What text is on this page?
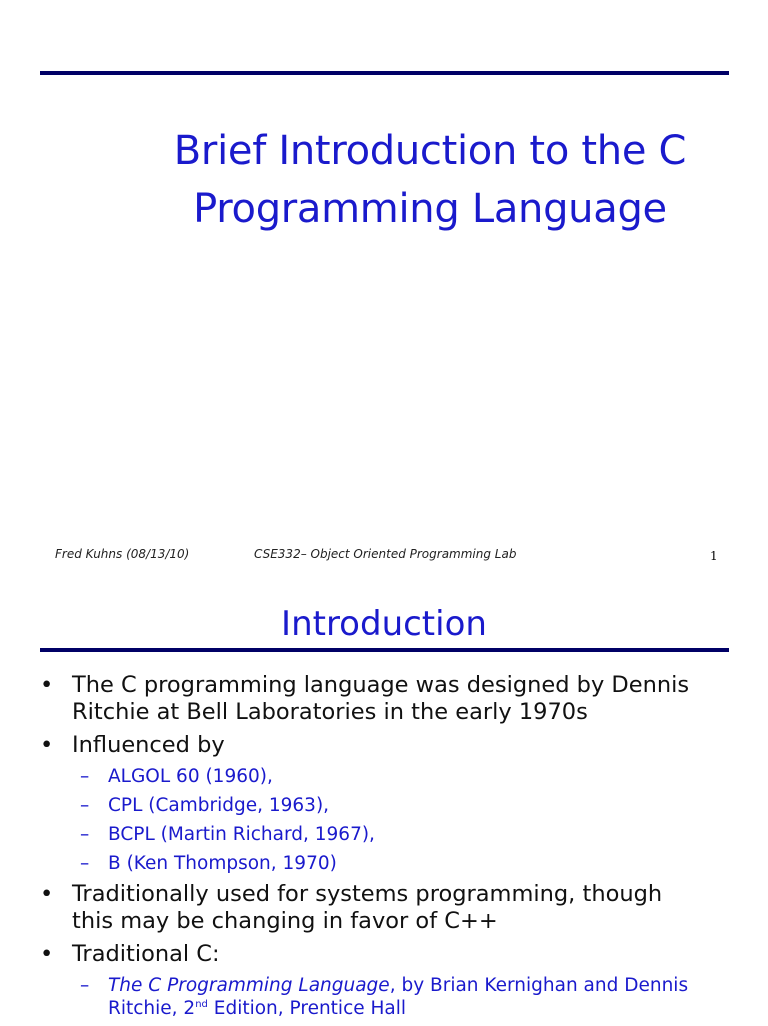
Brief Introduction to the C
Programming Language
Fred Kuhns (08/13/10)	CSE332– Object Oriented Programming Lab	1
Introduction
• The C programming language was designed by Dennis
Ritchie at Bell Laboratories in the early 1970s
• Influenced by
– ALGOL 60 (1960),
– CPL (Cambridge, 1963),
– BCPL (Martin Richard, 1967),
– B (Ken Thompson, 1970)
• Traditionally used for systems programming, though
this may be changing in favor of C++
• Traditional C:
– The C Programming Language, by Brian Kernighan and Dennis
Ritchie, 2nd Edition, Prentice Hall
